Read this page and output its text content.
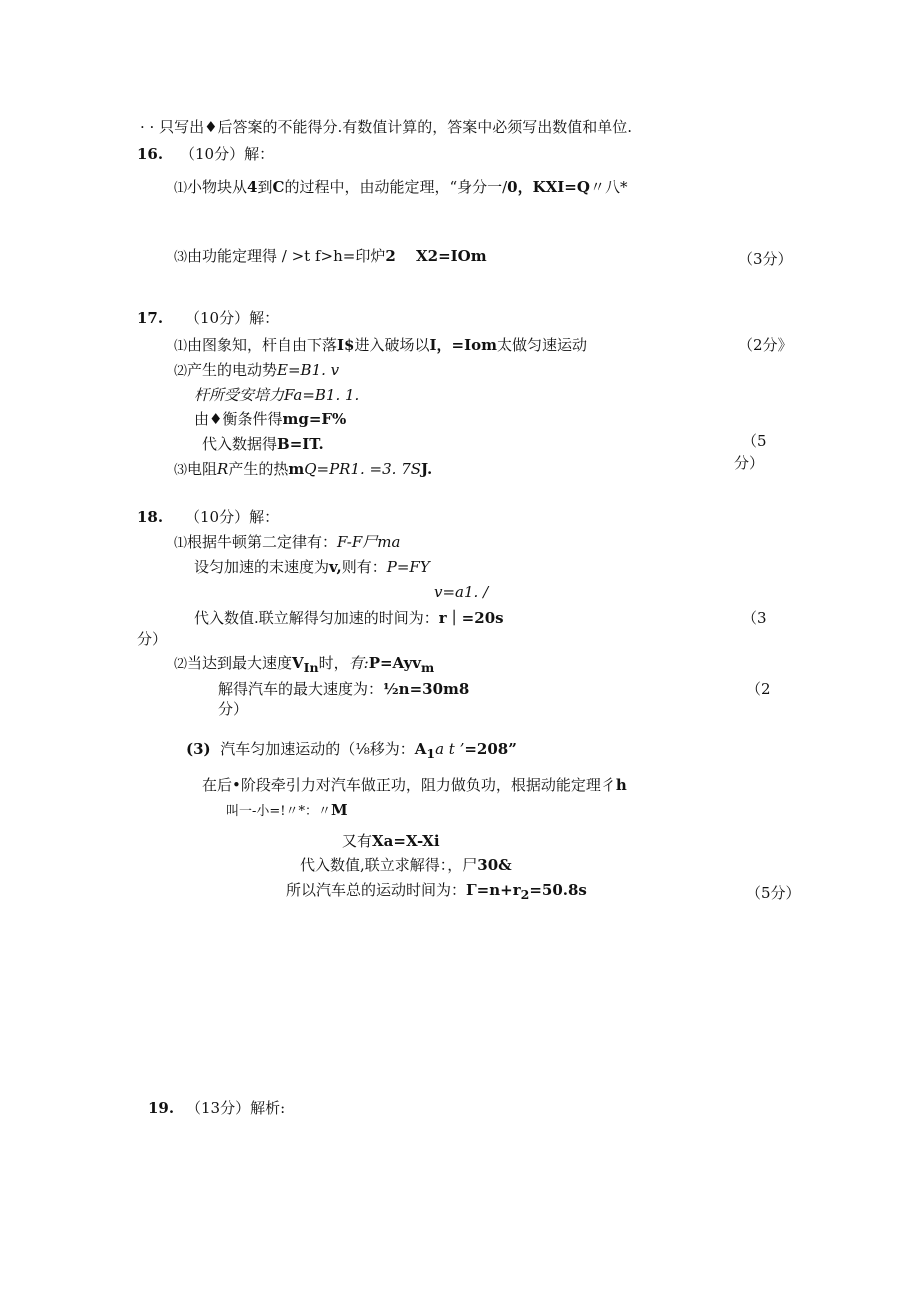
· · 只写出♦后答案的不能得分.有数值计算的，答案中必须写出数值和单位.
16. （10分）解：
⑴小物块从4到C的过程中，由动能定理，“身分一/0，KXI=Q〃八*
⑶由功能定理得 / >t f>h=印炉2 X2=IOm	（3分）
17. （10分）解：
⑴由图象知，杆自由下落I$进入破场以I，=Iom太做匀速运动	（2分》
⑵产生的电动势E=B1. v
杆所受安培力Fa=B1. 1.
由♦衡条件得mg=F%
代入数据得B=IT.	（5
分）
⑶电阻R产生的热mQ=PR1. =3. 7SJ.
18. （10分）解：
⑴根据牛顿第二定律有：F-F尸ma
设匀加速的末速度为v,则有：P=FY
v=a1. /
代入数值.联立解得匀加速的时间为：r｜=20s	（3
分）
⑵当达到最大速度$V_{In}$时，有:P=Ayv$_m$
解得汽车的最大速度为：½n=30m8	（2
分）
(3) 汽车匀加速运动的（⅛移为：$A_1a$ t ’=208”
在后•阶段牵引力对汽车做正功，阻力做负功，根据动能定理彳h
叫一-小=!〃*：〃M
又有Xa=X-Xi
代入数值,联立求解得：，尸30&
所以汽车总的运动时间为：$\Gamma=n+r_2=50.8s$	（5分）
19. （13分）解析:
